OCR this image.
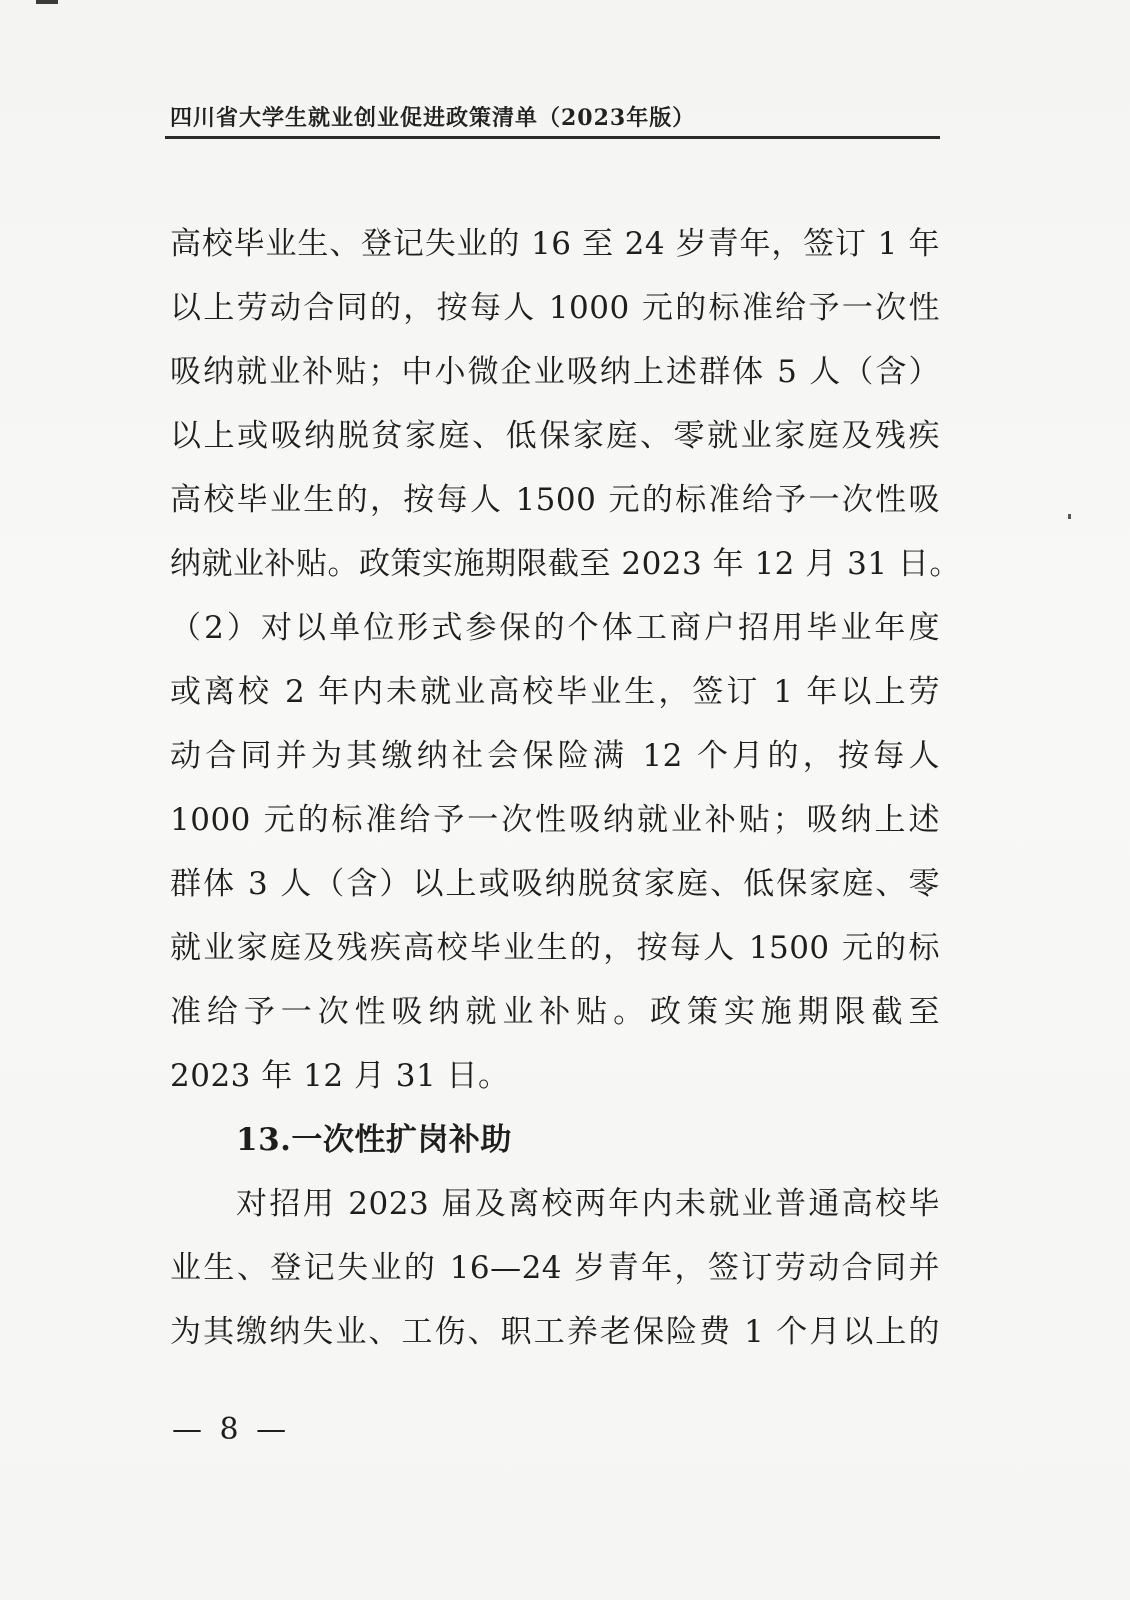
四川省大学生就业创业促进政策清单（2023年版）
高校毕业生、登记失业的 16 至 24 岁青年，签订 1 年
以上劳动合同的，按每人 1000 元的标准给予一次性
吸纳就业补贴；中小微企业吸纳上述群体 5 人（含）
以上或吸纳脱贫家庭、低保家庭、零就业家庭及残疾
高校毕业生的，按每人 1500 元的标准给予一次性吸
纳就业补贴。政策实施期限截至 2023 年 12 月 31 日。
（2）对以单位形式参保的个体工商户招用毕业年度
或离校 2 年内未就业高校毕业生，签订 1 年以上劳
动合同并为其缴纳社会保险满 12 个月的，按每人
1000 元的标准给予一次性吸纳就业补贴；吸纳上述
群体 3 人（含）以上或吸纳脱贫家庭、低保家庭、零
就业家庭及残疾高校毕业生的，按每人 1500 元的标
准给予一次性吸纳就业补贴。政策实施期限截至
2023 年 12 月 31 日。
13.一次性扩岗补助
对招用 2023 届及离校两年内未就业普通高校毕
业生、登记失业的 16—24 岁青年，签订劳动合同并
为其缴纳失业、工伤、职工养老保险费 1 个月以上的
— 8 —
